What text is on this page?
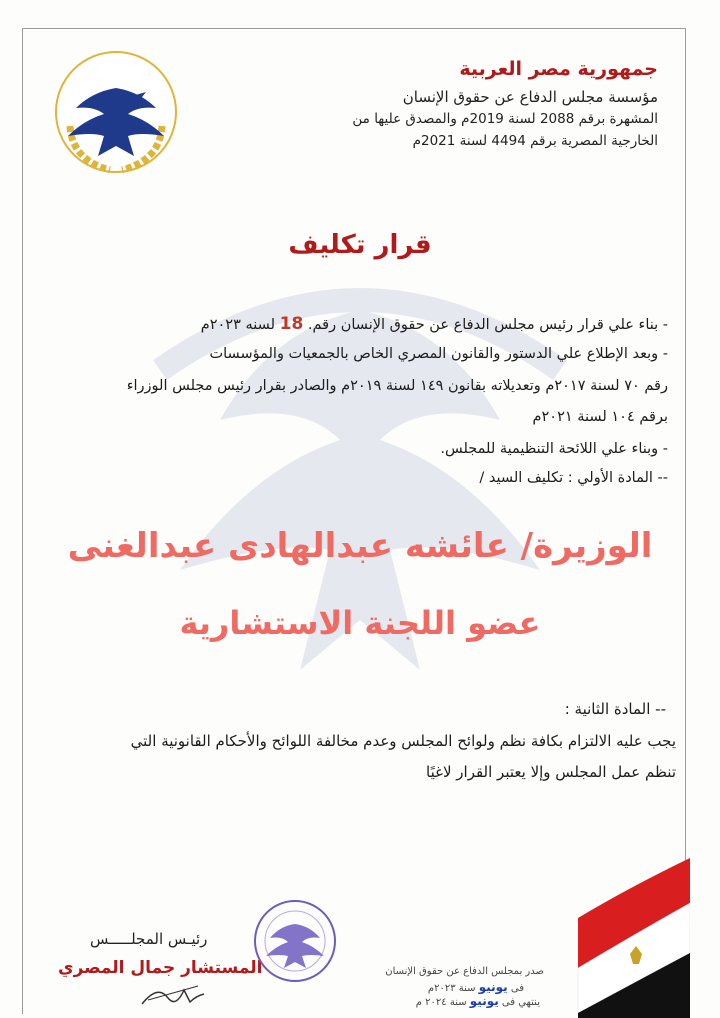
جمهورية مصر العربية
مؤسسة مجلس الدفاع عن حقوق الإنسان
المشهرة برقم 2088 لسنة 2019م والمصدق عليها من
الخارجية المصرية برقم 4494 لسنة 2021م
قرار تكليف
- بناء علي قرار رئيس مجلس الدفاع عن حقوق الإنسان رقم. 18 لسنه ٢٠٢٣م
- وبعد الإطلاع علي الدستور والقانون المصري الخاص بالجمعيات والمؤسسات
رقم ٧٠ لسنة ٢٠١٧م وتعديلاته بقانون ١٤٩ لسنة ٢٠١٩م والصادر بقرار رئيس مجلس الوزراء
برقم ١٠٤ لسنة ٢٠٢١م
- وبناء علي اللائحة التنظيمية للمجلس.
-- المادة الأولي : تكليف السيد /
الوزيرة/ عائشه عبدالهادى عبدالغنى
عضو اللجنة الاستشارية
-- المادة الثانية :
يجب عليه الالتزام بكافة نظم ولوائح المجلس وعدم مخالفة اللوائح والأحكام القانونية التي
تنظم عمل المجلس وإلا يعتبر القرار لاغيًا
رئيـس المجلـــــس
المستشار جمال المصري	صدر بمجلس الدفاع عن حقوق الإنسان
فى يونيو سنة ٢٠٢٣م
ينتهي فى يونيو سنة ٢٠٢٤ م
